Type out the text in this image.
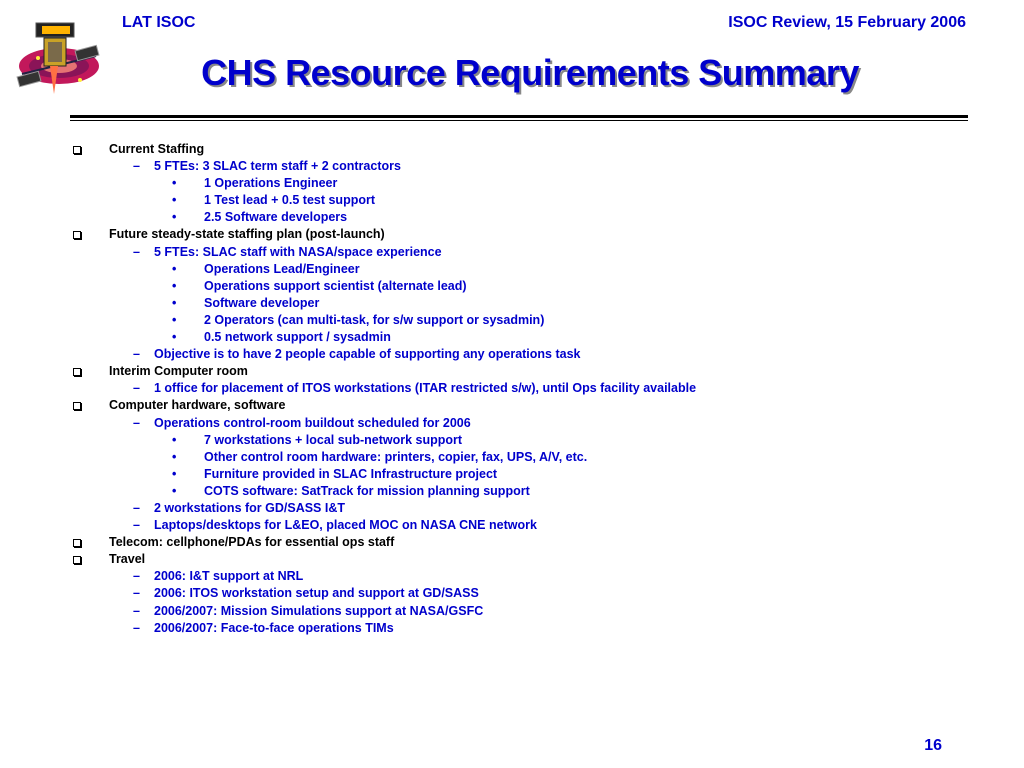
LAT ISOC	ISOC Review, 15 February 2006
CHS Resource Requirements Summary
Current Staffing
– 5 FTEs: 3 SLAC term staff + 2 contractors
• 1 Operations Engineer
• 1 Test lead + 0.5 test support
• 2.5 Software developers
Future steady-state staffing plan (post-launch)
– 5 FTEs: SLAC staff with NASA/space experience
• Operations Lead/Engineer
• Operations support scientist (alternate lead)
• Software developer
• 2 Operators (can multi-task, for s/w support or sysadmin)
• 0.5 network support / sysadmin
– Objective is to have 2 people capable of supporting any operations task
Interim Computer room
– 1 office for placement of ITOS workstations (ITAR restricted s/w), until Ops facility available
Computer hardware, software
– Operations control-room buildout scheduled for 2006
• 7 workstations + local sub-network support
• Other control room hardware: printers, copier, fax, UPS, A/V, etc.
• Furniture provided in SLAC Infrastructure project
• COTS software: SatTrack for mission planning support
– 2 workstations for GD/SASS I&T
– Laptops/desktops for L&EO, placed MOC on NASA CNE network
Telecom: cellphone/PDAs for essential ops staff
Travel
– 2006: I&T support at NRL
– 2006: ITOS workstation setup and support at GD/SASS
– 2006/2007: Mission Simulations support at NASA/GSFC
– 2006/2007: Face-to-face operations TIMs
16
